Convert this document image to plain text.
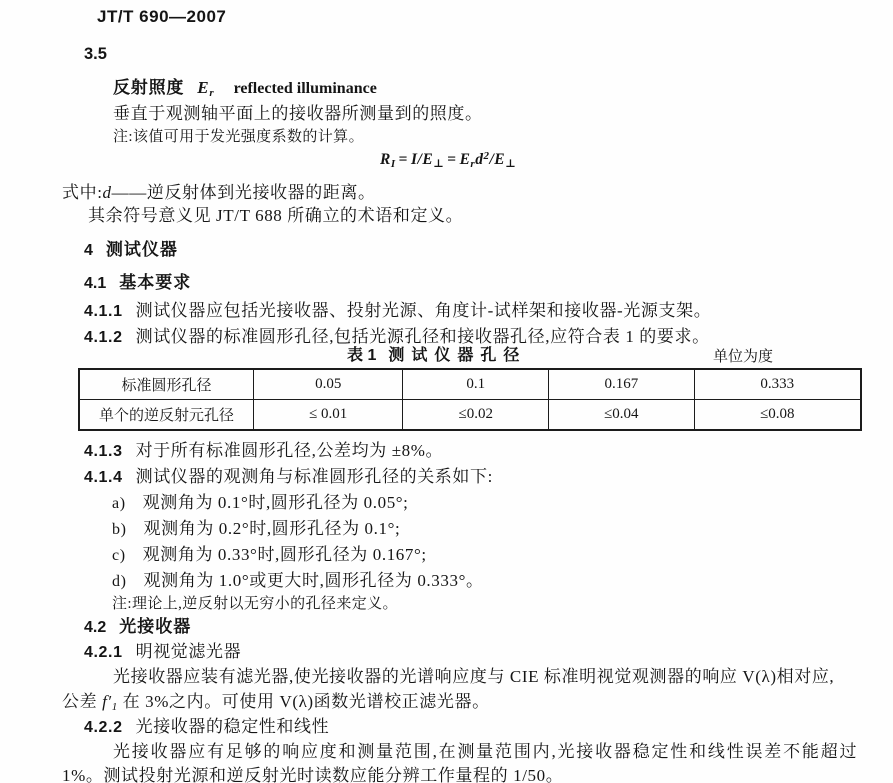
JT/T 690—2007
3.5
反射照度 $E_r$ reflected illuminance
垂直于观测轴平面上的接收器所测量到的照度。
注:该值可用于发光强度系数的计算。
$R_I = I/E_\perp = E_rd^2/E_\perp$
式中:d——逆反射体到光接收器的距离。
其余符号意义见 JT/T 688 所确立的术语和定义。
4 测试仪器
4.1 基本要求
4.1.1 测试仪器应包括光接收器、投射光源、角度计-试样架和接收器-光源支架。
4.1.2 测试仪器的标准圆形孔径,包括光源孔径和接收器孔径,应符合表 1 的要求。
表 1 测试仪器孔径	单位为度
标准圆形孔径	0.05	0.1	0.167	0.333
单个的逆反射元孔径	≤ 0.01	≤0.02	≤0.04	≤0.08
4.1.3 对于所有标准圆形孔径,公差均为 ±8%。
4.1.4 测试仪器的观测角与标准圆形孔径的关系如下:
a) 观测角为 0.1°时,圆形孔径为 0.05°;
b) 观测角为 0.2°时,圆形孔径为 0.1°;
c) 观测角为 0.33°时,圆形孔径为 0.167°;
d) 观测角为 1.0°或更大时,圆形孔径为 0.333°。
注:理论上,逆反射以无穷小的孔径来定义。
4.2 光接收器
4.2.1 明视觉滤光器
光接收器应装有滤光器,使光接收器的光谱响应度与 CIE 标准明视觉观测器的响应 V(λ)相对应,
公差 $f'_1$ 在 3%之内。可使用 V(λ)函数光谱校正滤光器。
4.2.2 光接收器的稳定性和线性
光接收器应有足够的响应度和测量范围,在测量范围内,光接收器稳定性和线性误差不能超过
1%。测试投射光源和逆反射光时读数应能分辨工作量程的 1/50。
